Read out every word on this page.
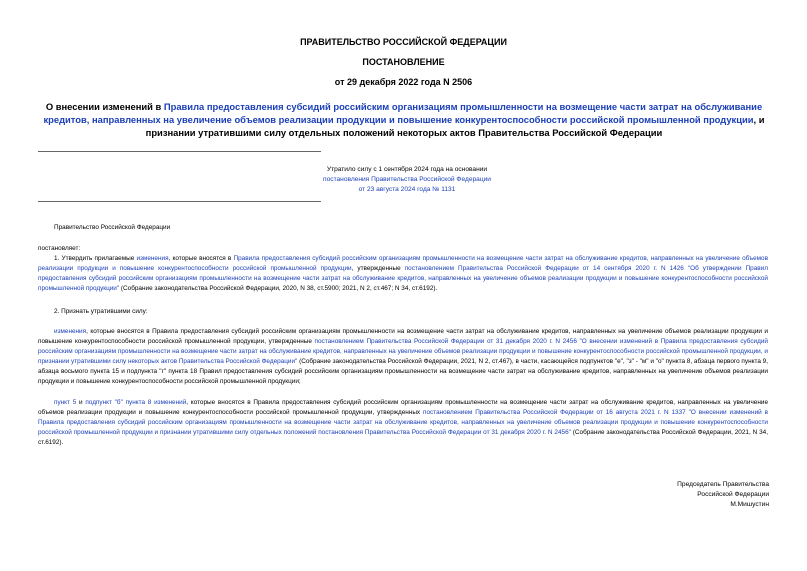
ПРАВИТЕЛЬСТВО РОССИЙСКОЙ ФЕДЕРАЦИИ
ПОСТАНОВЛЕНИЕ
от 29 декабря 2022 года N 2506
О внесении изменений в Правила предоставления субсидий российским организациям промышленности на возмещение части затрат на обслуживание кредитов, направленных на увеличение объемов реализации продукции и повышение конкурентоспособности российской промышленной продукции, и признании утратившими силу отдельных положений некоторых актов Правительства Российской Федерации
Утратило силу с 1 сентября 2024 года на основании
постановления Правительства Российской Федерации
от 23 августа 2024 года № 1131
Правительство Российской Федерации
постановляет:
1. Утвердить прилагаемые изменения, которые вносятся в Правила предоставления субсидий российским организациям промышленности на возмещение части затрат на обслуживание кредитов, направленных на увеличение объемов реализации продукции и повышение конкурентоспособности российской промышленной продукции, утвержденные постановлением Правительства Российской Федерации от 14 сентября 2020 г. N 1426 "Об утверждении Правил предоставления субсидий российским организациям промышленности на возмещение части затрат на обслуживание кредитов, направленных на увеличение объемов реализации продукции и повышение конкурентоспособности российской промышленной продукции" (Собрание законодательства Российской Федерации, 2020, N 38, ст.5900; 2021, N 2, ст.467; N 34, ст.6192).
2. Признать утратившими силу:
изменения, которые вносятся в Правила предоставления субсидий российским организациям промышленности на возмещение части затрат на обслуживание кредитов, направленных на увеличение объемов реализации продукции и повышение конкурентоспособности российской промышленной продукции, утвержденные постановлением Правительства Российской Федерации от 31 декабря 2020 г. N 2456 "О внесении изменений в Правила предоставления субсидий российским организациям промышленности на возмещение части затрат на обслуживание кредитов, направленных на увеличение объемов реализации продукции и повышение конкурентоспособности российской промышленной продукции, и признании утратившими силу некоторых актов Правительства Российской Федерации" (Собрание законодательства Российской Федерации, 2021, N 2, ст.467), в части, касающейся подпунктов "е", "з" - "м" и "о" пункта 8, абзаца первого пункта 9, абзаца восьмого пункта 15 и подпункта "г" пункта 18 Правил предоставления субсидий российским организациям промышленности на возмещение части затрат на обслуживание кредитов, направленных на увеличение объемов реализации продукции и повышение конкурентоспособности российской промышленной продукции;
пункт 5 и подпункт "б" пункта 8 изменений, которые вносятся в Правила предоставления субсидий российским организациям промышленности на возмещение части затрат на обслуживание кредитов, направленных на увеличение объемов реализации продукции и повышение конкурентоспособности российской промышленной продукции, утвержденных постановлением Правительства Российской Федерации от 16 августа 2021 г. N 1337 "О внесении изменений в Правила предоставления субсидий российским организациям промышленности на возмещение части затрат на обслуживание кредитов, направленных на увеличение объемов реализации продукции и повышение конкурентоспособности российской промышленной продукции и признании утратившими силу отдельных положений постановления Правительства Российской Федерации от 31 декабря 2020 г. N 2456" (Собрание законодательства Российской Федерации, 2021, N 34, ст.6192).
Председатель Правительства
Российской Федерации
М.Мишустин
